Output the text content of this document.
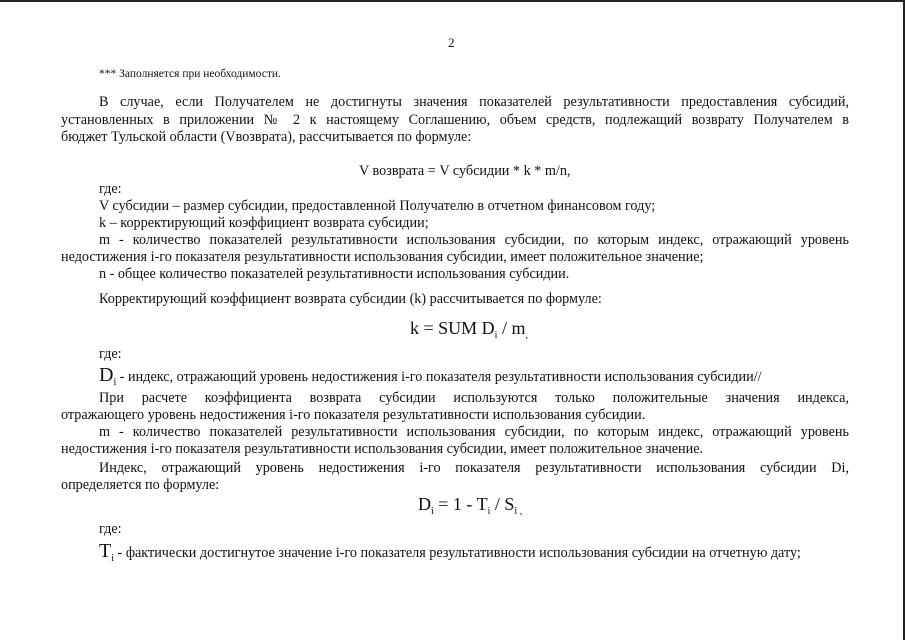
2
*** Заполняется при необходимости.
В случае, если Получателем не достигнуты значения показателей результативности предоставления субсидий,
установленных в приложении № 2 к настоящему Соглашению, объем средств, подлежащий возврату Получателем в
бюджет Тульской области (Vвозврата), рассчитывается по формуле:
V возврата = V субсидии * k * m/n,
где:
V субсидии – размер субсидии, предоставленной Получателю в отчетном финансовом году;
k – корректирующий коэффициент возврата субсидии;
m - количество показателей результативности использования субсидии, по которым индекс, отражающий уровень
недостижения i-го показателя результативности использования субсидии, имеет положительное значение;
n - общее количество показателей результативности использования субсидии.
Корректирующий коэффициент возврата субсидии (k) рассчитывается по формуле:
k = SUM $D_i / m_,$
где:
$D_i$ - индекс, отражающий уровень недостижения i-го показателя результативности использования субсидии//
При расчете коэффициента возврата субсидии используются только положительные значения индекса,
отражающего уровень недостижения i-го показателя результативности использования субсидии.
m - количество показателей результативности использования субсидии, по которым индекс, отражающий уровень
недостижения i-го показателя результативности использования субсидии, имеет положительное значение.
Индекс, отражающий уровень недостижения i-го показателя результативности использования субсидии Di,
определяется по формуле:
$D_i = 1 - T_i / S_i$ $_,$
где:
$T_i$ - фактически достигнутое значение i-го показателя результативности использования субсидии на отчетную дату;
